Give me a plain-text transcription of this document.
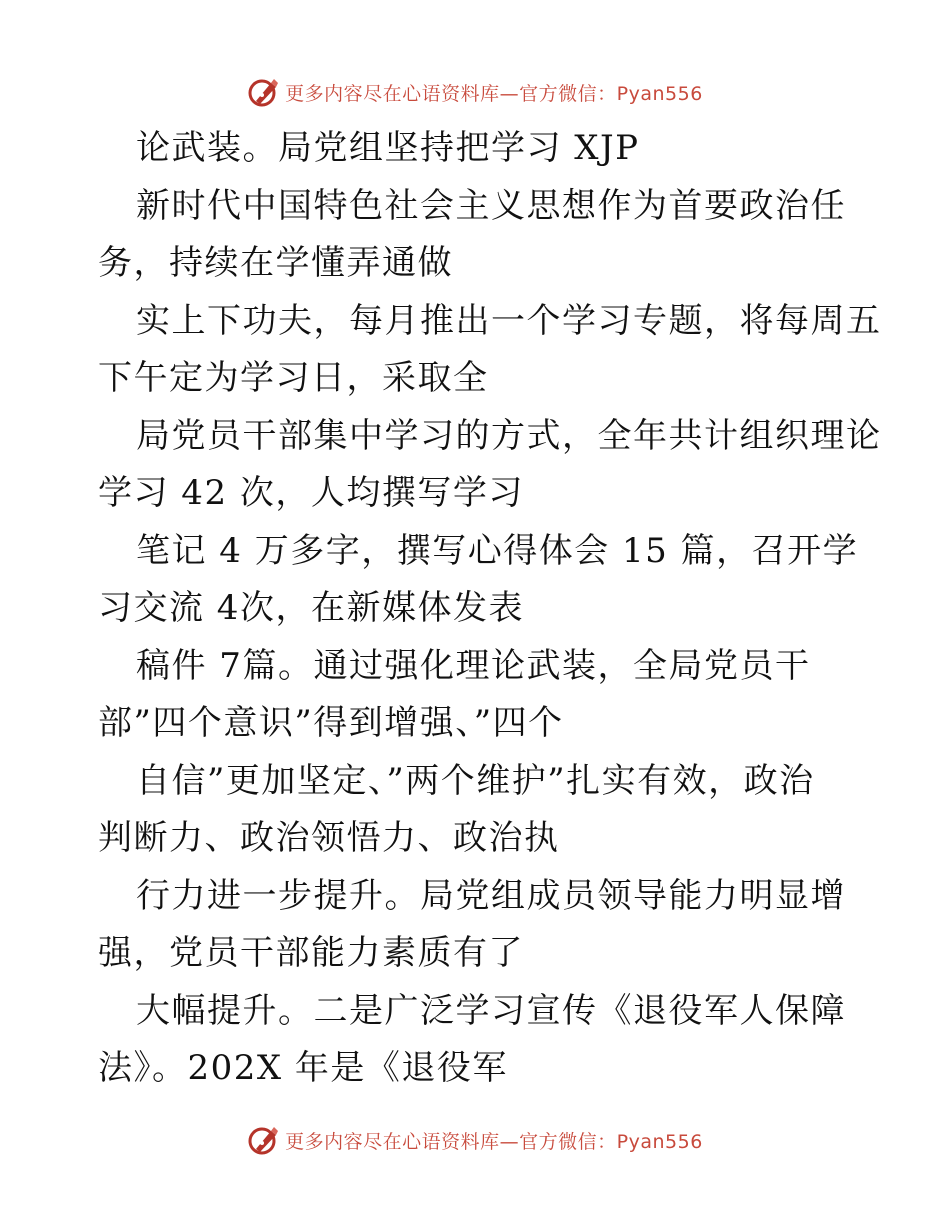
更多内容尽在心语资料库—官方微信：Pyan556
论武装。局党组坚持把学习 XJP
新时代中国特色社会主义思想作为首要政治任
务，持续在学懂弄通做
实上下功夫，每月推出一个学习专题，将每周五
下午定为学习日，采取全
局党员干部集中学习的方式，全年共计组织理论
学习 42 次，人均撰写学习
笔记 4 万多字，撰写心得体会 15 篇，召开学
习交流 4次，在新媒体发表
稿件 7篇。通过强化理论武装，全局党员干
部”四个意识”得到增强、”四个
自信”更加坚定、”两个维护”扎实有效，政治
判断力、政治领悟力、政治执
行力进一步提升。局党组成员领导能力明显增
强，党员干部能力素质有了
大幅提升。二是广泛学习宣传《退役军人保障
法》。202X 年是《退役军
更多内容尽在心语资料库—官方微信：Pyan556
